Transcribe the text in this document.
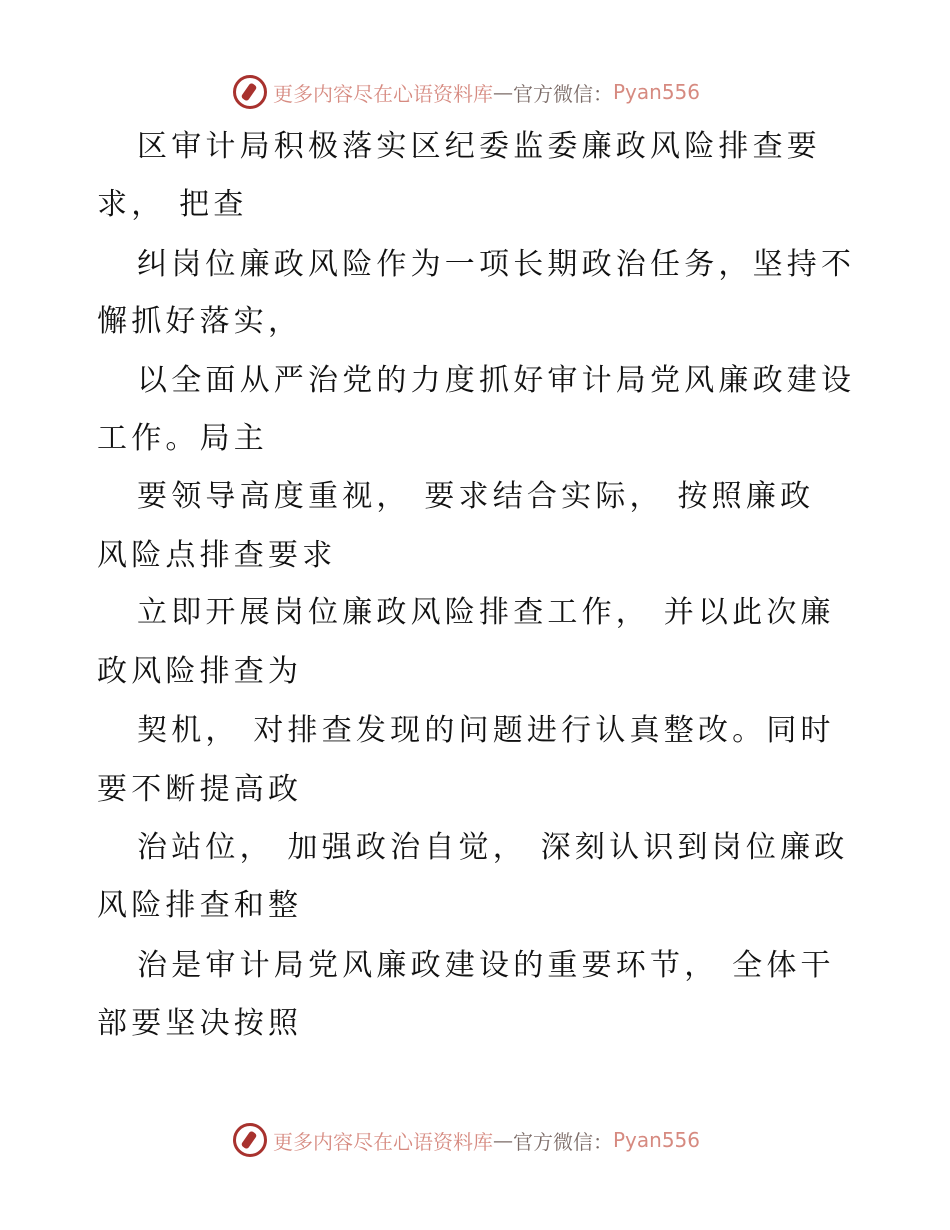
更多内容尽在心语资料库 — 官方微信： Pyan556
区审计局积极落实区纪委监委廉政风险排查要
求， 把查
纠岗位廉政风险作为一项长期政治任务，坚持不
懈抓好落实，
以全面从严治党的力度抓好审计局党风廉政建设
工作。局主
要领导高度重视， 要求结合实际， 按照廉政
风险点排查要求
立即开展岗位廉政风险排查工作， 并以此次廉
政风险排查为
契机， 对排查发现的问题进行认真整改。同时
要不断提高政
治站位， 加强政治自觉， 深刻认识到岗位廉政
风险排查和整
治是审计局党风廉政建设的重要环节， 全体干
部要坚决按照
更多内容尽在心语资料库 — 官方微信： Pyan556
